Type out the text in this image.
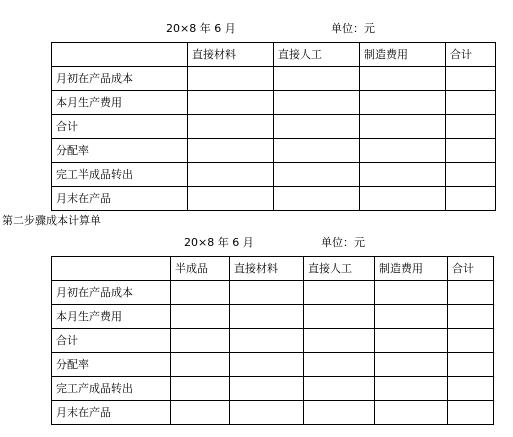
20×8 年 6 月	单位：元
	直接材料	直接人工	制造费用	合计
月初在产品成本				
本月生产费用				
合计				
分配率				
完工半成品转出				
月末在产品				
第二步骤成本计算单
20×8 年 6 月	单位：元
	半成品	直接材料	直接人工	制造费用	合计
月初在产品成本					
本月生产费用					
合计					
分配率					
完工产成品转出					
月末在产品					
